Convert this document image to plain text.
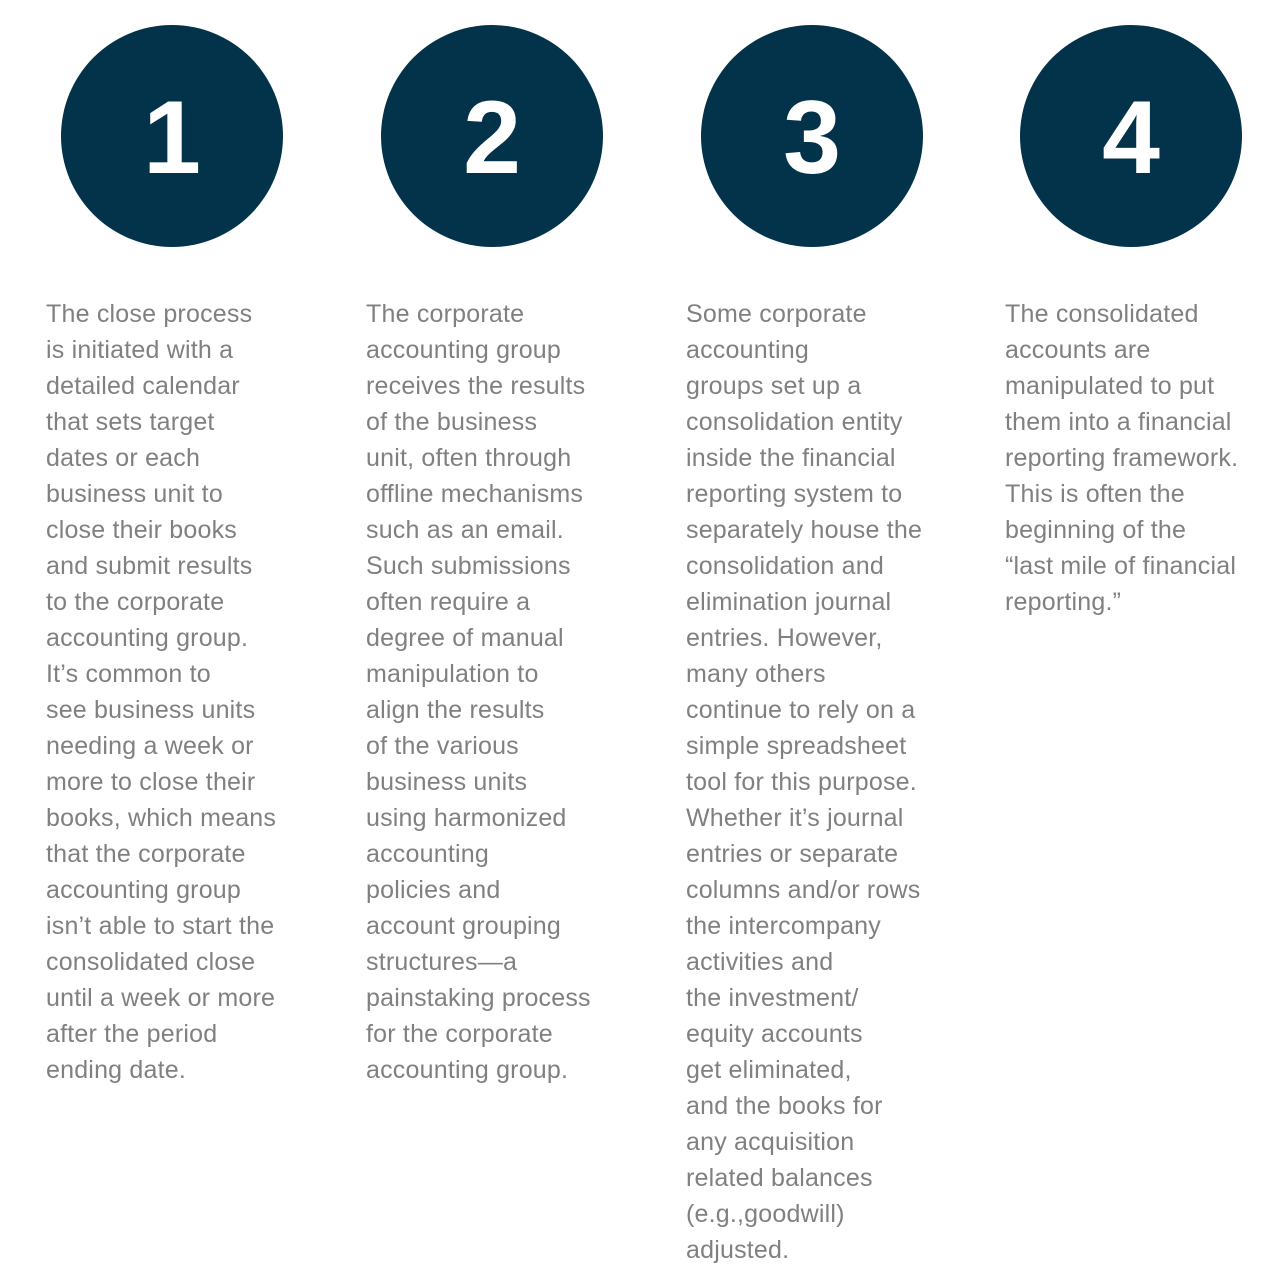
1
The close process
is initiated with a
detailed calendar
that sets target
dates or each
business unit to
close their books
and submit results
to the corporate
accounting group.
It’s common to
see business units
needing a week or
more to close their
books, which means
that the corporate
accounting group
isn’t able to start the
consolidated close
until a week or more
after the period
ending date.
2
The corporate
accounting group
receives the results
of the business
unit, often through
offline mechanisms
such as an email.
Such submissions
often require a
degree of manual
manipulation to
align the results
of the various
business units
using harmonized
accounting
policies and
account grouping
structures—a
painstaking process
for the corporate
accounting group.
3
Some corporate
accounting
groups set up a
consolidation entity
inside the financial
reporting system to
separately house the
consolidation and
elimination journal
entries. However,
many others
continue to rely on a
simple spreadsheet
tool for this purpose.
Whether it’s journal
entries or separate
columns and/or rows
the intercompany
activities and
the investment/
equity accounts
get eliminated,
and the books for
any acquisition
related balances
(e.g.,goodwill)
adjusted.
4
The consolidated
accounts are
manipulated to put
them into a financial
reporting framework.
This is often the
beginning of the
“last mile of financial
reporting.”
